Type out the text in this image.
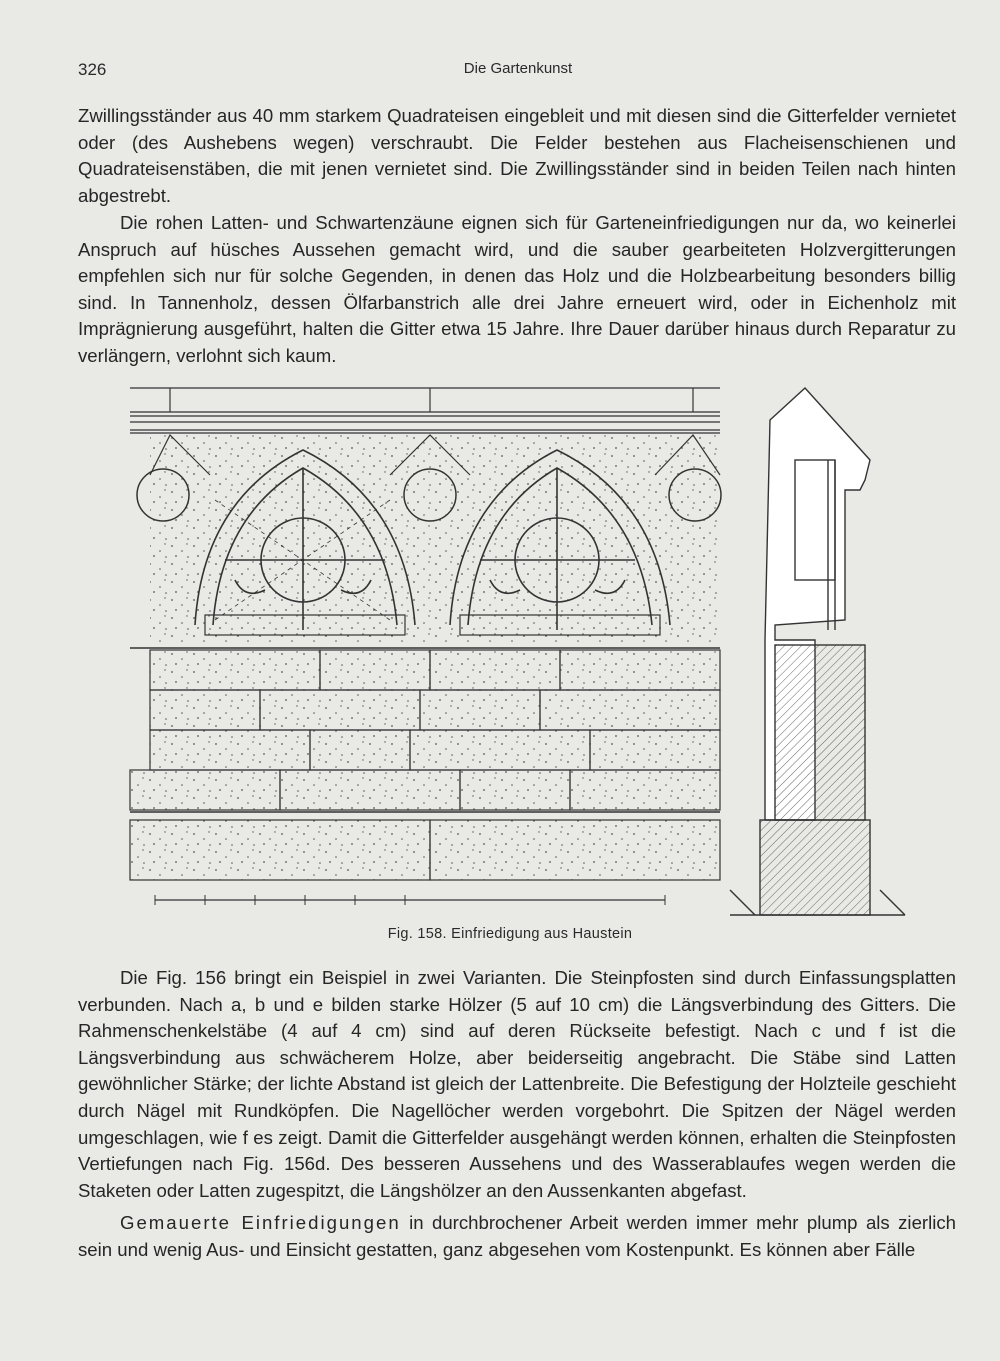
326	Die Gartenkunst

Zwillingsständer aus 40 mm starkem Quadrateisen eingebleit und mit diesen sind die Gitterfelder vernietet oder (des Aushebens wegen) verschraubt. Die Felder bestehen aus Flacheisenschienen und Quadrateisenstäben, die mit jenen vernietet sind. Die Zwillingsständer sind in beiden Teilen nach hinten abgestrebt.

Die rohen Latten- und Schwartenzäune eignen sich für Garteneinfriedigungen nur da, wo keinerlei Anspruch auf hüsches Aussehen gemacht wird, und die sauber gearbeiteten Holzvergitterungen empfehlen sich nur für solche Gegenden, in denen das Holz und die Holzbearbeitung besonders billig sind. In Tannenholz, dessen Ölfarbanstrich alle drei Jahre erneuert wird, oder in Eichenholz mit Imprägnierung ausgeführt, halten die Gitter etwa 15 Jahre. Ihre Dauer darüber hinaus durch Reparatur zu verlängern, verlohnt sich kaum.

Fig. 158. Einfriedigung aus Haustein

Die Fig. 156 bringt ein Beispiel in zwei Varianten. Die Steinpfosten sind durch Einfassungsplatten verbunden. Nach a, b und e bilden starke Hölzer (5 auf 10 cm) die Längsverbindung des Gitters. Die Rahmenschenkelstäbe (4 auf 4 cm) sind auf deren Rückseite befestigt. Nach c und f ist die Längsverbindung aus schwächerem Holze, aber beiderseitig angebracht. Die Stäbe sind Latten gewöhnlicher Stärke; der lichte Abstand ist gleich der Lattenbreite. Die Befestigung der Holzteile geschieht durch Nägel mit Rundköpfen. Die Nagellöcher werden vorgebohrt. Die Spitzen der Nägel werden umgeschlagen, wie f es zeigt. Damit die Gitterfelder ausgehängt werden können, erhalten die Steinpfosten Vertiefungen nach Fig. 156d. Des besseren Aussehens und des Wasserablaufes wegen werden die Staketen oder Latten zugespitzt, die Längshölzer an den Aussenkanten abgefast.

Gemauerte Einfriedigungen in durchbrochener Arbeit werden immer mehr plump als zierlich sein und wenig Aus- und Einsicht gestatten, ganz abgesehen vom Kostenpunkt. Es können aber Fälle
